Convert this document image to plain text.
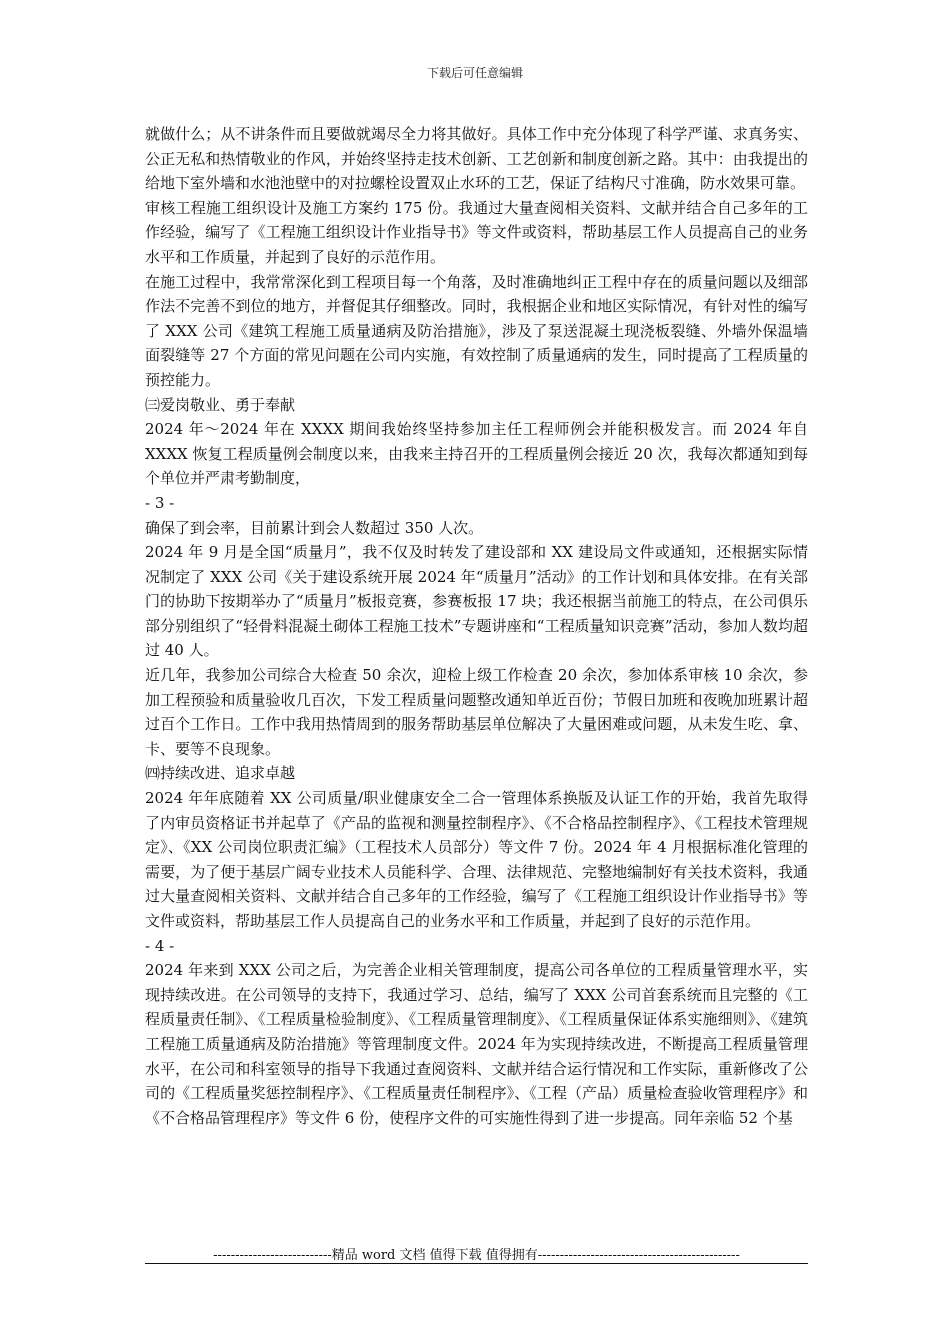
下载后可任意编辑

就做什么；从不讲条件而且要做就竭尽全力将其做好。具体工作中充分体现了科学严谨、求真务实、公正无私和热情敬业的作风，并始终坚持走技术创新、工艺创新和制度创新之路。其中：由我提出的给地下室外墙和水池池壁中的对拉螺栓设置双止水环的工艺，保证了结构尺寸准确，防水效果可靠。

审核工程施工组织设计及施工方案约 175 份。我通过大量查阅相关资料、文献并结合自己多年的工作经验，编写了《工程施工组织设计作业指导书》等文件或资料，帮助基层工作人员提高自己的业务水平和工作质量，并起到了良好的示范作用。

在施工过程中，我常常深化到工程项目每一个角落，及时准确地纠正工程中存在的质量问题以及细部作法不完善不到位的地方，并督促其仔细整改。同时，我根据企业和地区实际情况，有针对性的编写了 XXX 公司《建筑工程施工质量通病及防治措施》，涉及了泵送混凝土现浇板裂缝、外墙外保温墙面裂缝等 27 个方面的常见问题在公司内实施，有效控制了质量通病的发生，同时提高了工程质量的预控能力。

㈢爱岗敬业、勇于奉献

2024 年～2024 年在 XXXX 期间我始终坚持参加主任工程师例会并能积极发言。而 2024 年自 XXXX 恢复工程质量例会制度以来，由我来主持召开的工程质量例会接近 20 次，我每次都通知到每个单位并严肃考勤制度，

- 3 -

确保了到会率，目前累计到会人数超过 350 人次。

2024 年 9 月是全国“质量月”，我不仅及时转发了建设部和 XX 建设局文件或通知，还根据实际情况制定了 XXX 公司《关于建设系统开展 2024 年“质量月”活动》的工作计划和具体安排。在有关部门的协助下按期举办了“质量月”板报竞赛，参赛板报 17 块；我还根据当前施工的特点，在公司俱乐部分别组织了“轻骨料混凝土砌体工程施工技术”专题讲座和“工程质量知识竞赛”活动，参加人数均超过 40 人。

近几年，我参加公司综合大检查 50 余次，迎检上级工作检查 20 余次，参加体系审核 10 余次，参加工程预验和质量验收几百次，下发工程质量问题整改通知单近百份；节假日加班和夜晚加班累计超过百个工作日。工作中我用热情周到的服务帮助基层单位解决了大量困难或问题，从未发生吃、拿、卡、要等不良现象。

㈣持续改进、追求卓越

2024 年年底随着 XX 公司质量/职业健康安全二合一管理体系换版及认证工作的开始，我首先取得了内审员资格证书并起草了《产品的监视和测量控制程序》、《不合格品控制程序》、《工程技术管理规定》、《XX 公司岗位职责汇编》（工程技术人员部分）等文件 7 份。2024 年 4 月根据标准化管理的需要，为了便于基层广阔专业技术人员能科学、合理、法律规范、完整地编制好有关技术资料，我通过大量查阅相关资料、文献并结合自己多年的工作经验，编写了《工程施工组织设计作业指导书》等文件或资料，帮助基层工作人员提高自己的业务水平和工作质量，并起到了良好的示范作用。

- 4 -

2024 年来到 XXX 公司之后，为完善企业相关管理制度，提高公司各单位的工程质量管理水平，实现持续改进。在公司领导的支持下，我通过学习、总结，编写了 XXX 公司首套系统而且完整的《工程质量责任制》、《工程质量检验制度》、《工程质量管理制度》、《工程质量保证体系实施细则》、《建筑工程施工质量通病及防治措施》等管理制度文件。2024 年为实现持续改进，不断提高工程质量管理水平，在公司和科室领导的指导下我通过查阅资料、文献并结合运行情况和工作实际，重新修改了公司的《工程质量奖惩控制程序》、《工程质量责任制程序》、《工程（产品）质量检查验收管理程序》和《不合格品管理程序》等文件 6 份，使程序文件的可实施性得到了进一步提高。同年亲临 52 个基

---------------------------精品 word 文档 值得下载 值得拥有----------------------------------------------
